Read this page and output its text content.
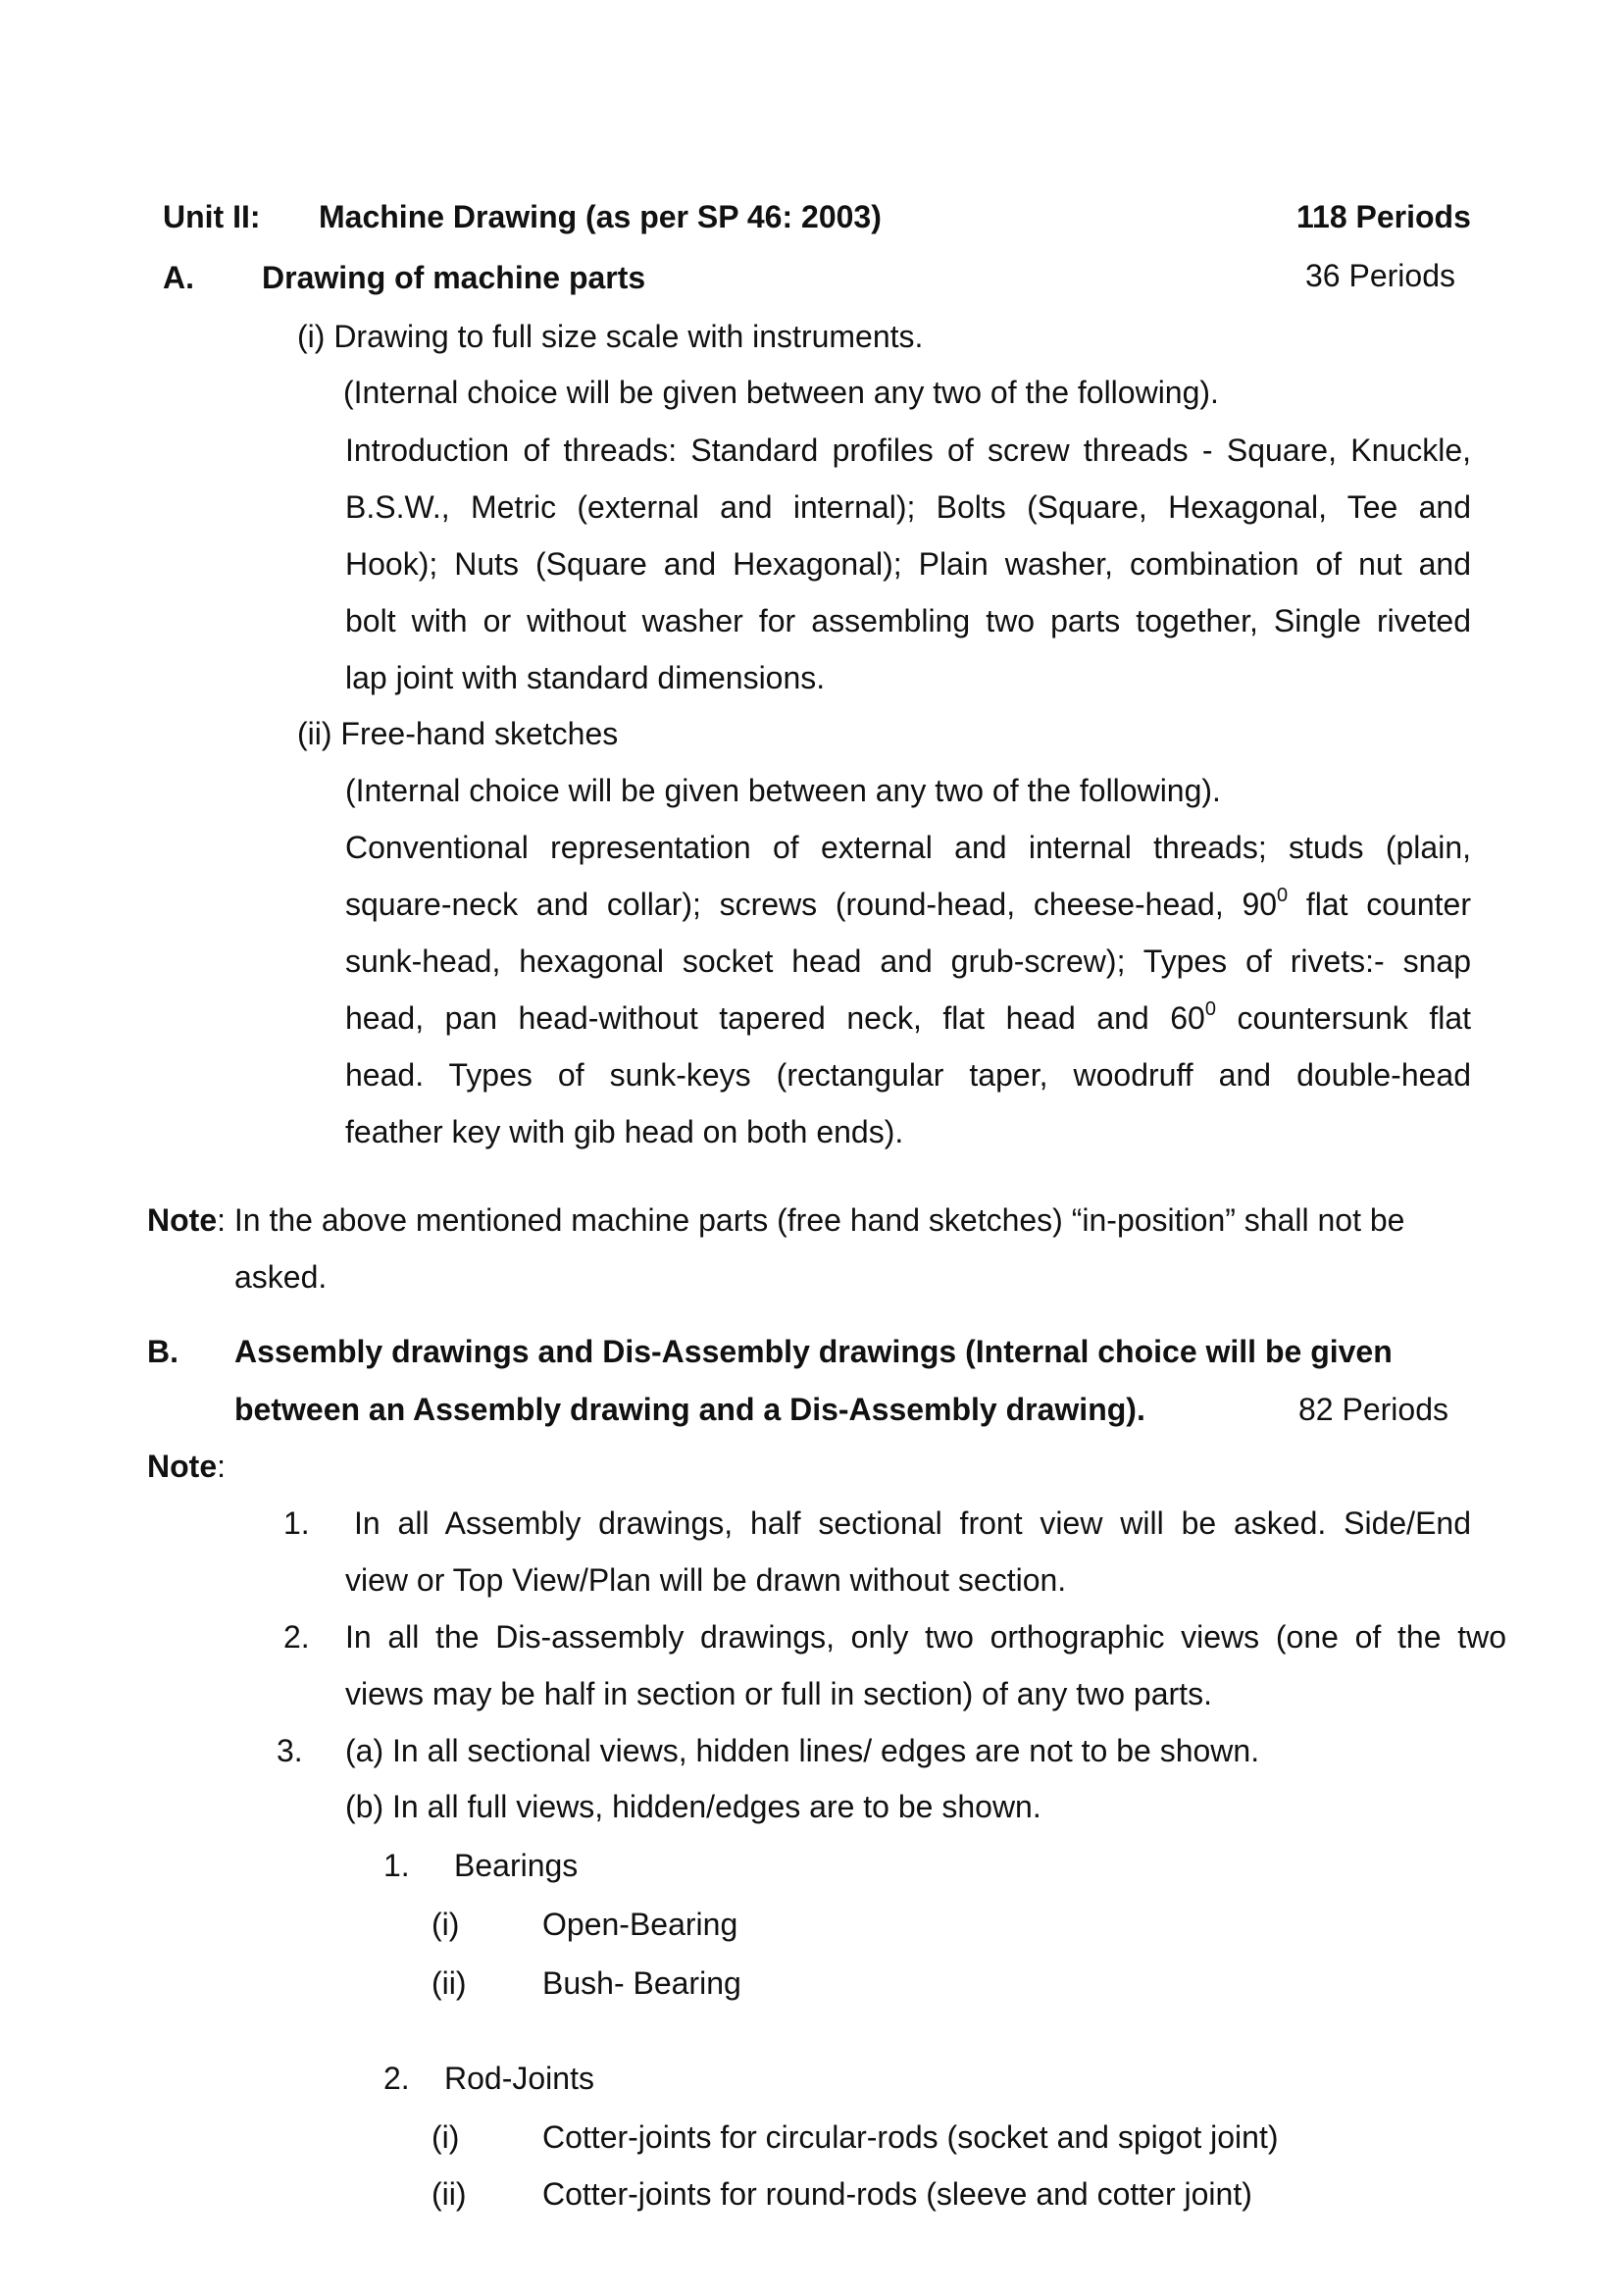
Unit II: Machine Drawing (as per SP 46: 2003)	118 Periods
A. Drawing of machine parts	36 Periods
(i) Drawing to full size scale with instruments.
(Internal choice will be given between any two of the following).
Introduction of threads: Standard profiles of screw threads - Square, Knuckle,
B.S.W., Metric (external and internal); Bolts (Square, Hexagonal, Tee and
Hook); Nuts (Square and Hexagonal); Plain washer, combination of nut and
bolt with or without washer for assembling two parts together, Single riveted
lap joint with standard dimensions.
(ii) Free-hand sketches
(Internal choice will be given between any two of the following).
Conventional representation of external and internal threads; studs (plain,
square-neck and collar); screws (round-head, cheese-head, $90^0$ flat counter
sunk-head, hexagonal socket head and grub-screw); Types of rivets:- snap
head, pan head-without tapered neck, flat head and $60^0$ countersunk flat
head. Types of sunk-keys (rectangular taper, woodruff and double-head
feather key with gib head on both ends).
Note: In the above mentioned machine parts (free hand sketches) “in-position” shall not be
asked.
B. Assembly drawings and Dis-Assembly drawings (Internal choice will be given
between an Assembly drawing and a Dis-Assembly drawing).	82 Periods
Note:
1. In all Assembly drawings, half sectional front view will be asked. Side/End
view or Top View/Plan will be drawn without section.
2. In all the Dis-assembly drawings, only two orthographic views (one of the two
views may be half in section or full in section) of any two parts.
3. (a) In all sectional views, hidden lines/ edges are not to be shown.
(b) In all full views, hidden/edges are to be shown.
1. Bearings
(i)	Open-Bearing
(ii) Bush- Bearing
2. Rod-Joints
(i)	Cotter-joints for circular-rods (socket and spigot joint)
(ii) Cotter-joints for round-rods (sleeve and cotter joint)
